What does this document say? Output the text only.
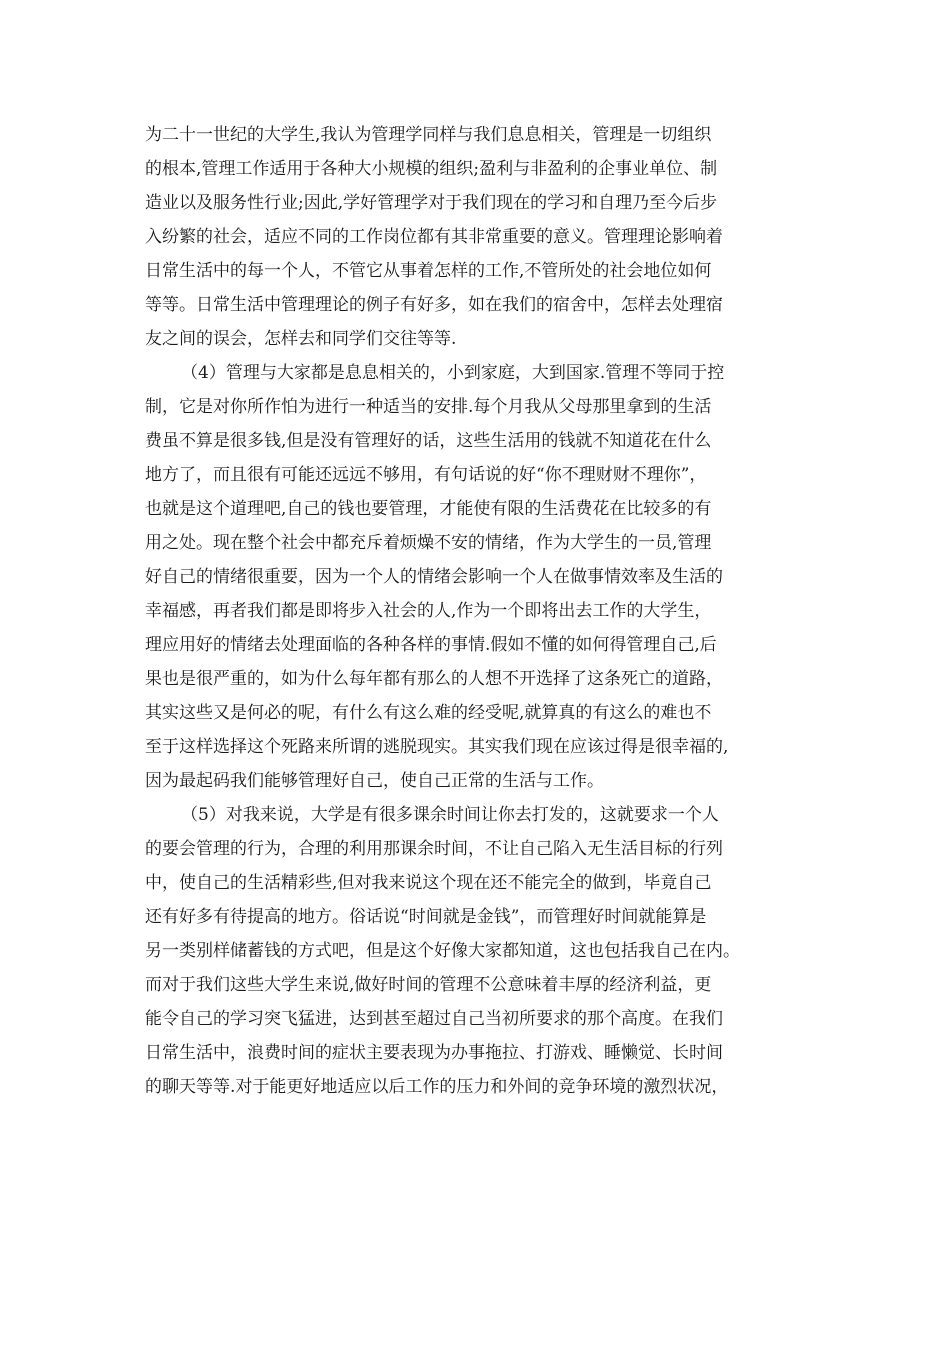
为二十一世纪的大学生,我认为管理学同样与我们息息相关，管理是一切组织
的根本,管理工作适用于各种大小规模的组织;盈利与非盈利的企事业单位、制
造业以及服务性行业;因此,学好管理学对于我们现在的学习和自理乃至今后步
入纷繁的社会，适应不同的工作岗位都有其非常重要的意义。管理理论影响着
日常生活中的每一个人，不管它从事着怎样的工作,不管所处的社会地位如何
等等。日常生活中管理理论的例子有好多，如在我们的宿舍中，怎样去处理宿
友之间的误会，怎样去和同学们交往等等.
（4）管理与大家都是息息相关的，小到家庭，大到国家.管理不等同于控
制，它是对你所作怕为进行一种适当的安排.每个月我从父母那里拿到的生活
费虽不算是很多钱,但是没有管理好的话，这些生活用的钱就不知道花在什么
地方了，而且很有可能还远远不够用，有句话说的好“你不理财财不理你”，
也就是这个道理吧,自己的钱也要管理，才能使有限的生活费花在比较多的有
用之处。现在整个社会中都充斥着烦燥不安的情绪，作为大学生的一员,管理
好自己的情绪很重要，因为一个人的情绪会影响一个人在做事情效率及生活的
幸福感，再者我们都是即将步入社会的人,作为一个即将出去工作的大学生，
理应用好的情绪去处理面临的各种各样的事情.假如不懂的如何得管理自己,后
果也是很严重的，如为什么每年都有那么的人想不开选择了这条死亡的道路，
其实这些又是何必的呢，有什么有这么难的经受呢,就算真的有这么的难也不
至于这样选择这个死路来所谓的逃脱现实。其实我们现在应该过得是很幸福的,
因为最起码我们能够管理好自己，使自己正常的生活与工作。
（5）对我来说，大学是有很多课余时间让你去打发的，这就要求一个人
的要会管理的行为，合理的利用那课余时间，不让自己陷入无生活目标的行列
中，使自己的生活精彩些,但对我来说这个现在还不能完全的做到，毕竟自己
还有好多有待提高的地方。俗话说“时间就是金钱”，而管理好时间就能算是
另一类别样储蓄钱的方式吧，但是这个好像大家都知道，这也包括我自己在内。
而对于我们这些大学生来说,做好时间的管理不公意味着丰厚的经济利益，更
能令自己的学习突飞猛进，达到甚至超过自己当初所要求的那个高度。在我们
日常生活中，浪费时间的症状主要表现为办事拖拉、打游戏、睡懒觉、长时间
的聊天等等.对于能更好地适应以后工作的压力和外间的竞争环境的激烈状况，
